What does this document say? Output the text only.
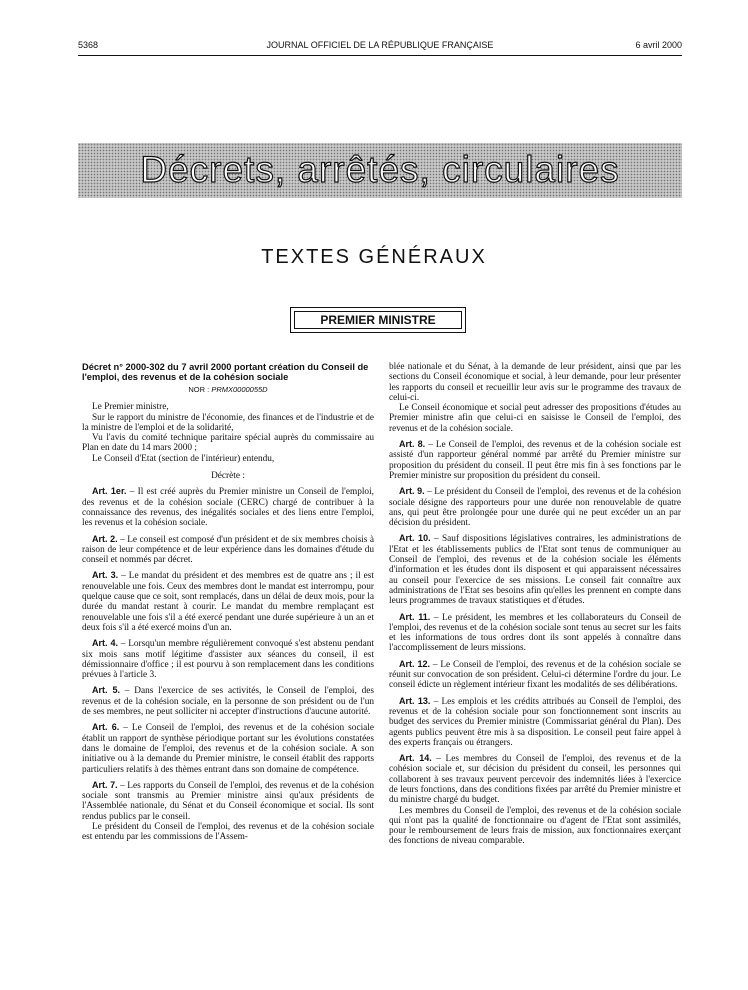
5368	JOURNAL OFFICIEL DE LA RÉPUBLIQUE FRANÇAISE	6 avril 2000
Décrets, arrêtés, circulaires
TEXTES GÉNÉRAUX
PREMIER MINISTRE
Décret n° 2000-302 du 7 avril 2000 portant création du Conseil de l'emploi, des revenus et de la cohésion sociale
NOR : PRMX0000055D

Le Premier ministre,

Sur le rapport du ministre de l'économie, des finances et de l'industrie et de la ministre de l'emploi et de la solidarité,

Vu l'avis du comité technique paritaire spécial auprès du commissaire au Plan en date du 14 mars 2000 ;

Le Conseil d'Etat (section de l'intérieur) entendu,

Décrète :

Art. 1er. – Il est créé auprès du Premier ministre un Conseil de l'emploi, des revenus et de la cohésion sociale (CERC) chargé de contribuer à la connaissance des revenus, des inégalités sociales et des liens entre l'emploi, les revenus et la cohésion sociale.

Art. 2. – Le conseil est composé d'un président et de six membres choisis à raison de leur compétence et de leur expérience dans les domaines d'étude du conseil et nommés par décret.

Art. 3. – Le mandat du président et des membres est de quatre ans ; il est renouvelable une fois. Ceux des membres dont le mandat est interrompu, pour quelque cause que ce soit, sont remplacés, dans un délai de deux mois, pour la durée du mandat restant à courir. Le mandat du membre remplaçant est renouvelable une fois s'il a été exercé pendant une durée supérieure à un an et deux fois s'il a été exercé moins d'un an.

Art. 4. – Lorsqu'un membre régulièrement convoqué s'est abstenu pendant six mois sans motif légitime d'assister aux séances du conseil, il est démissionnaire d'office ; il est pourvu à son remplacement dans les conditions prévues à l'article 3.

Art. 5. – Dans l'exercice de ses activités, le Conseil de l'emploi, des revenus et de la cohésion sociale, en la personne de son président ou de l'un de ses membres, ne peut solliciter ni accepter d'instructions d'aucune autorité.

Art. 6. – Le Conseil de l'emploi, des revenus et de la cohésion sociale établit un rapport de synthèse périodique portant sur les évolutions constatées dans le domaine de l'emploi, des revenus et de la cohésion sociale. A son initiative ou à la demande du Premier ministre, le conseil établit des rapports particuliers relatifs à des thèmes entrant dans son domaine de compétence.

Art. 7. – Les rapports du Conseil de l'emploi, des revenus et de la cohésion sociale sont transmis au Premier ministre ainsi qu'aux présidents de l'Assemblée nationale, du Sénat et du Conseil économique et social. Ils sont rendus publics par le conseil.

Le président du Conseil de l'emploi, des revenus et de la cohésion sociale est entendu par les commissions de l'Assem-

blée nationale et du Sénat, à la demande de leur président, ainsi que par les sections du Conseil économique et social, à leur demande, pour leur présenter les rapports du conseil et recueillir leur avis sur le programme des travaux de celui-ci.

Le Conseil économique et social peut adresser des propositions d'études au Premier ministre afin que celui-ci en saisisse le Conseil de l'emploi, des revenus et de la cohésion sociale.

Art. 8. – Le Conseil de l'emploi, des revenus et de la cohésion sociale est assisté d'un rapporteur général nommé par arrêté du Premier ministre sur proposition du président du conseil. Il peut être mis fin à ses fonctions par le Premier ministre sur proposition du président du conseil.

Art. 9. – Le président du Conseil de l'emploi, des revenus et de la cohésion sociale désigne des rapporteurs pour une durée non renouvelable de quatre ans, qui peut être prolongée pour une durée qui ne peut excéder un an par décision du président.

Art. 10. – Sauf dispositions législatives contraires, les administrations de l'Etat et les établissements publics de l'Etat sont tenus de communiquer au Conseil de l'emploi, des revenus et de la cohésion sociale les éléments d'information et les études dont ils disposent et qui apparaissent nécessaires au conseil pour l'exercice de ses missions. Le conseil fait connaître aux administrations de l'Etat ses besoins afin qu'elles les prennent en compte dans leurs programmes de travaux statistiques et d'études.

Art. 11. – Le président, les membres et les collaborateurs du Conseil de l'emploi, des revenus et de la cohésion sociale sont tenus au secret sur les faits et les informations de tous ordres dont ils sont appelés à connaître dans l'accomplissement de leurs missions.

Art. 12. – Le Conseil de l'emploi, des revenus et de la cohésion sociale se réunit sur convocation de son président. Celui-ci détermine l'ordre du jour. Le conseil édicte un règlement intérieur fixant les modalités de ses délibérations.

Art. 13. – Les emplois et les crédits attribués au Conseil de l'emploi, des revenus et de la cohésion sociale pour son fonctionnement sont inscrits au budget des services du Premier ministre (Commissariat général du Plan). Des agents publics peuvent être mis à sa disposition. Le conseil peut faire appel à des experts français ou étrangers.

Art. 14. – Les membres du Conseil de l'emploi, des revenus et de la cohésion sociale et, sur décision du président du conseil, les personnes qui collaborent à ses travaux peuvent percevoir des indemnités liées à l'exercice de leurs fonctions, dans des conditions fixées par arrêté du Premier ministre et du ministre chargé du budget.

Les membres du Conseil de l'emploi, des revenus et de la cohésion sociale qui n'ont pas la qualité de fonctionnaire ou d'agent de l'Etat sont assimilés, pour le remboursement de leurs frais de mission, aux fonctionnaires exerçant des fonctions de niveau comparable.
